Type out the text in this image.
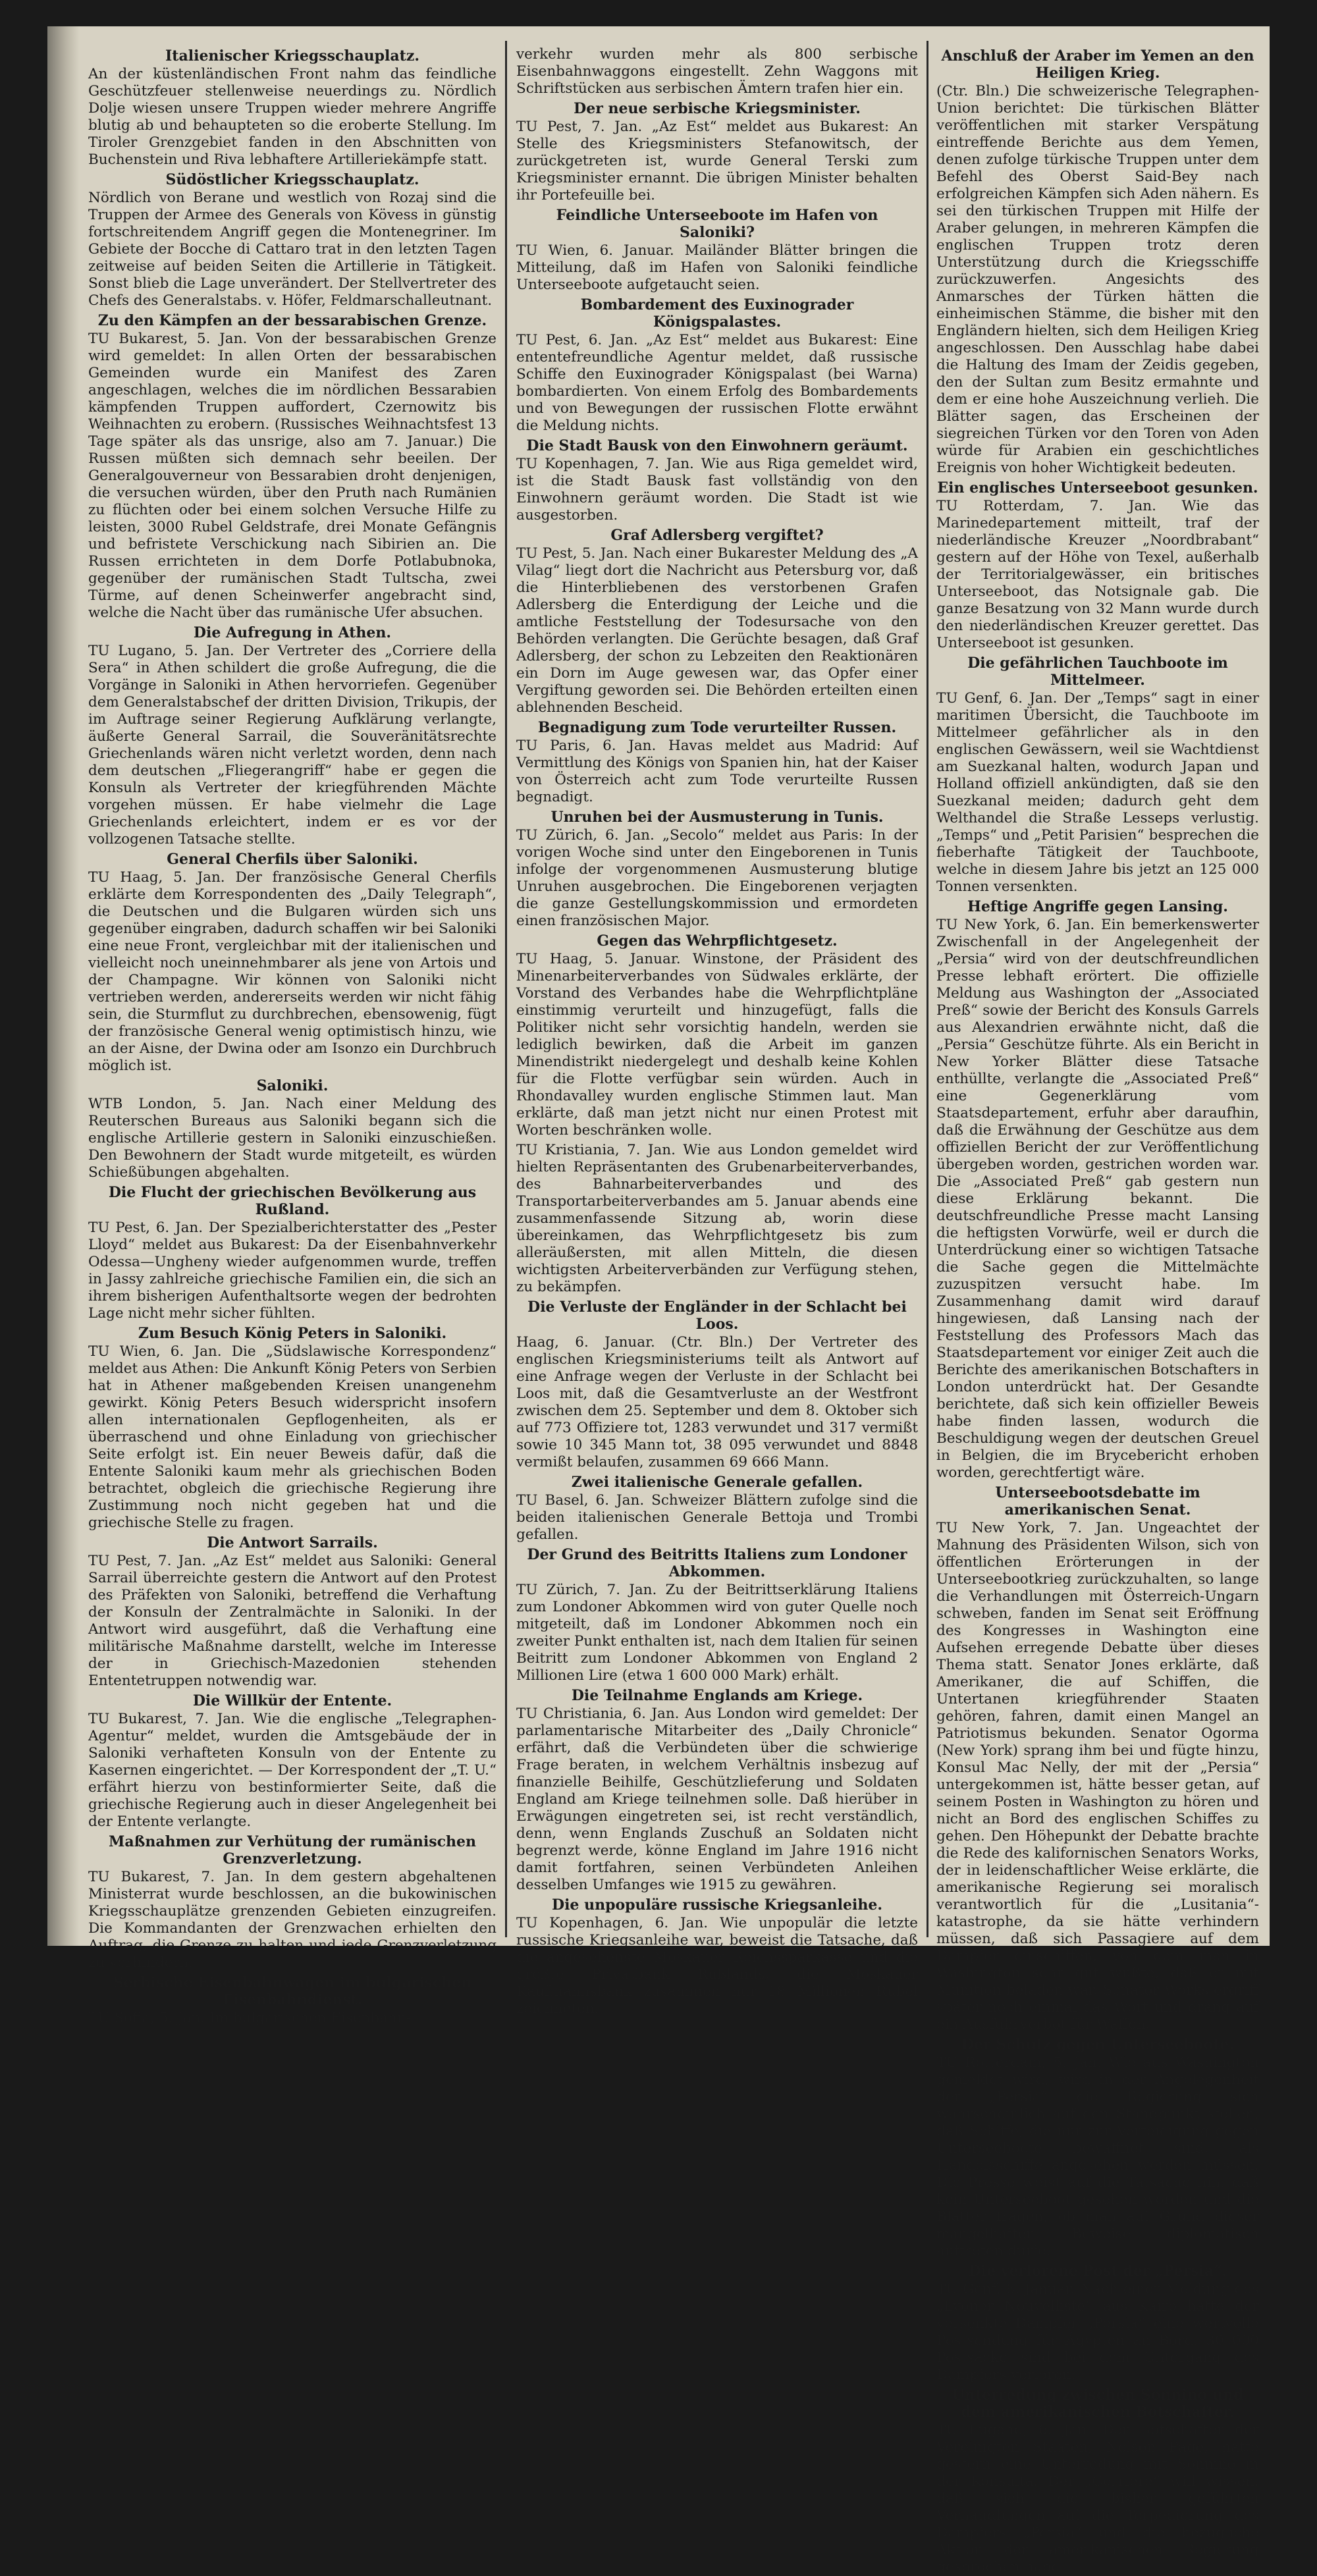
Italienischer Kriegsschauplatz.

An der küstenländischen Front nahm das feindliche Geschützfeuer stellenweise neuerdings zu. Nördlich Dolje wiesen unsere Truppen wieder mehrere Angriffe blutig ab und behaupteten so die eroberte Stellung. Im Tiroler Grenzgebiet fanden in den Abschnitten von Buchenstein und Riva lebhaftere Artilleriekämpfe statt.

Südöstlicher Kriegsschauplatz.

Nördlich von Berane und westlich von Rozaj sind die Truppen der Armee des Generals von Kövess in günstig fortschreitendem Angriff gegen die Montenegriner. Im Gebiete der Bocche di Cattaro trat in den letzten Tagen zeitweise auf beiden Seiten die Artillerie in Tätigkeit. Sonst blieb die Lage unverändert. Der Stellvertreter des Chefs des Generalstabs. v. Höfer, Feldmarschalleutnant.

Zu den Kämpfen an der bessarabischen Grenze.

TU Bukarest, 5. Jan. Von der bessarabischen Grenze wird gemeldet: In allen Orten der bessarabischen Gemeinden wurde ein Manifest des Zaren angeschlagen, welches die im nördlichen Bessarabien kämpfenden Truppen auffordert, Czernowitz bis Weihnachten zu erobern. (Russisches Weihnachtsfest 13 Tage später als das unsrige, also am 7. Januar.) Die Russen müßten sich demnach sehr beeilen. Der Generalgouverneur von Bessarabien droht denjenigen, die versuchen würden, über den Pruth nach Rumänien zu flüchten oder bei einem solchen Versuche Hilfe zu leisten, 3000 Rubel Geldstrafe, drei Monate Gefängnis und befristete Verschickung nach Sibirien an. Die Russen errichteten in dem Dorfe Potlabubnoka, gegenüber der rumänischen Stadt Tultscha, zwei Türme, auf denen Scheinwerfer angebracht sind, welche die Nacht über das rumänische Ufer absuchen.

Die Aufregung in Athen.

TU Lugano, 5. Jan. Der Vertreter des „Corriere della Sera“ in Athen schildert die große Aufregung, die die Vorgänge in Saloniki in Athen hervorriefen. Gegenüber dem Generalstabschef der dritten Division, Trikupis, der im Auftrage seiner Regierung Aufklärung verlangte, äußerte General Sarrail, die Souveränitätsrechte Griechenlands wären nicht verletzt worden, denn nach dem deutschen „Fliegerangriff“ habe er gegen die Konsuln als Vertreter der kriegführenden Mächte vorgehen müssen. Er habe vielmehr die Lage Griechenlands erleichtert, indem er es vor der vollzogenen Tatsache stellte.

General Cherfils über Saloniki.

TU Haag, 5. Jan. Der französische General Cherfils erklärte dem Korrespondenten des „Daily Telegraph“, die Deutschen und die Bulgaren würden sich uns gegenüber eingraben, dadurch schaffen wir bei Saloniki eine neue Front, vergleichbar mit der italienischen und vielleicht noch uneinnehmbarer als jene von Artois und der Champagne. Wir können von Saloniki nicht vertrieben werden, andererseits werden wir nicht fähig sein, die Sturmflut zu durchbrechen, ebensowenig, fügt der französische General wenig optimistisch hinzu, wie an der Aisne, der Dwina oder am Isonzo ein Durchbruch möglich ist.

Saloniki.

WTB London, 5. Jan. Nach einer Meldung des Reuterschen Bureaus aus Saloniki begann sich die englische Artillerie gestern in Saloniki einzuschießen. Den Bewohnern der Stadt wurde mitgeteilt, es würden Schießübungen abgehalten.

Die Flucht der griechischen Bevölkerung aus Rußland.

TU Pest, 6. Jan. Der Spezialberichterstatter des „Pester Lloyd“ meldet aus Bukarest: Da der Eisenbahnverkehr Odessa—Ungheny wieder aufgenommen wurde, treffen in Jassy zahlreiche griechische Familien ein, die sich an ihrem bisherigen Aufenthaltsorte wegen der bedrohten Lage nicht mehr sicher fühlten.

Zum Besuch König Peters in Saloniki.

TU Wien, 6. Jan. Die „Südslawische Korrespondenz“ meldet aus Athen: Die Ankunft König Peters von Serbien hat in Athener maßgebenden Kreisen unangenehm gewirkt. König Peters Besuch widerspricht insofern allen internationalen Gepflogenheiten, als er überraschend und ohne Einladung von griechischer Seite erfolgt ist. Ein neuer Beweis dafür, daß die Entente Saloniki kaum mehr als griechischen Boden betrachtet, obgleich die griechische Regierung ihre Zustimmung noch nicht gegeben hat und die griechische Stelle zu fragen.

Die Antwort Sarrails.

TU Pest, 7. Jan. „Az Est“ meldet aus Saloniki: General Sarrail überreichte gestern die Antwort auf den Protest des Präfekten von Saloniki, betreffend die Verhaftung der Konsuln der Zentralmächte in Saloniki. In der Antwort wird ausgeführt, daß die Verhaftung eine militärische Maßnahme darstellt, welche im Interesse der in Griechisch-Mazedonien stehenden Ententetruppen notwendig war.

Die Willkür der Entente.

TU Bukarest, 7. Jan. Wie die englische „Telegraphen-Agentur“ meldet, wurden die Amtsgebäude der in Saloniki verhafteten Konsuln von der Entente zu Kasernen eingerichtet. — Der Korrespondent der „T. U.“ erfährt hierzu von bestinformierter Seite, daß die griechische Regierung auch in dieser Angelegenheit bei der Entente verlangte.

Maßnahmen zur Verhütung der rumänischen Grenzverletzung.

TU Bukarest, 7. Jan. In dem gestern abgehaltenen Ministerrat wurde beschlossen, an die bukowinischen Kriegsschauplätze grenzenden Gebieten einzugreifen. Die Kommandanten der Grenzwachen erhielten den Auftrag, die Grenze zu halten und jede Grenzverletzung zu verhindern.

Serbische Eisenbahnwagen im bulgarischen Eisenbahndienst.

TU Sofia, 5. Jan. Im bulgarischen Eisenbahn-

verkehr wurden mehr als 800 serbische Eisenbahnwaggons eingestellt. Zehn Waggons mit Schriftstücken aus serbischen Ämtern trafen hier ein.

Der neue serbische Kriegsminister.

TU Pest, 7. Jan. „Az Est“ meldet aus Bukarest: An Stelle des Kriegsministers Stefanowitsch, der zurückgetreten ist, wurde General Terski zum Kriegsminister ernannt. Die übrigen Minister behalten ihr Portefeuille bei.

Feindliche Unterseeboote im Hafen von Saloniki?

TU Wien, 6. Januar. Mailänder Blätter bringen die Mitteilung, daß im Hafen von Saloniki feindliche Unterseeboote aufgetaucht seien.

Bombardement des Euxinograder Königspalastes.

TU Pest, 6. Jan. „Az Est“ meldet aus Bukarest: Eine ententefreundliche Agentur meldet, daß russische Schiffe den Euxinograder Königspalast (bei Warna) bombardierten. Von einem Erfolg des Bombardements und von Bewegungen der russischen Flotte erwähnt die Meldung nichts.

Die Stadt Bausk von den Einwohnern geräumt.

TU Kopenhagen, 7. Jan. Wie aus Riga gemeldet wird, ist die Stadt Bausk fast vollständig von den Einwohnern geräumt worden. Die Stadt ist wie ausgestorben.

Graf Adlersberg vergiftet?

TU Pest, 5. Jan. Nach einer Bukarester Meldung des „A Vilag“ liegt dort die Nachricht aus Petersburg vor, daß die Hinterbliebenen des verstorbenen Grafen Adlersberg die Enterdigung der Leiche und die amtliche Feststellung der Todesursache von den Behörden verlangten. Die Gerüchte besagen, daß Graf Adlersberg, der schon zu Lebzeiten den Reaktionären ein Dorn im Auge gewesen war, das Opfer einer Vergiftung geworden sei. Die Behörden erteilten einen ablehnenden Bescheid.

Begnadigung zum Tode verurteilter Russen.

TU Paris, 6. Jan. Havas meldet aus Madrid: Auf Vermittlung des Königs von Spanien hin, hat der Kaiser von Österreich acht zum Tode verurteilte Russen begnadigt.

Unruhen bei der Ausmusterung in Tunis.

TU Zürich, 6. Jan. „Secolo“ meldet aus Paris: In der vorigen Woche sind unter den Eingeborenen in Tunis infolge der vorgenommenen Ausmusterung blutige Unruhen ausgebrochen. Die Eingeborenen verjagten die ganze Gestellungskommission und ermordeten einen französischen Major.

Gegen das Wehrpflichtgesetz.

TU Haag, 5. Januar. Winstone, der Präsident des Minenarbeiterverbandes von Südwales erklärte, der Vorstand des Verbandes habe die Wehrpflichtpläne einstimmig verurteilt und hinzugefügt, falls die Politiker nicht sehr vorsichtig handeln, werden sie lediglich bewirken, daß die Arbeit im ganzen Minendistrikt niedergelegt und deshalb keine Kohlen für die Flotte verfügbar sein würden. Auch in Rhondavalley wurden englische Stimmen laut. Man erklärte, daß man jetzt nicht nur einen Protest mit Worten beschränken wolle.

TU Kristiania, 7. Jan. Wie aus London gemeldet wird hielten Repräsentanten des Grubenarbeiterverbandes, des Bahnarbeiterverbandes und des Transportarbeiterverbandes am 5. Januar abends eine zusammenfassende Sitzung ab, worin diese übereinkamen, das Wehrpflichtgesetz bis zum alleräußersten, mit allen Mitteln, die diesen wichtigsten Arbeiterverbänden zur Verfügung stehen, zu bekämpfen.

Die Verluste der Engländer in der Schlacht bei Loos.

Haag, 6. Januar. (Ctr. Bln.) Der Vertreter des englischen Kriegsministeriums teilt als Antwort auf eine Anfrage wegen der Verluste in der Schlacht bei Loos mit, daß die Gesamtverluste an der Westfront zwischen dem 25. September und dem 8. Oktober sich auf 773 Offiziere tot, 1283 verwundet und 317 vermißt sowie 10 345 Mann tot, 38 095 verwundet und 8848 vermißt belaufen, zusammen 69 666 Mann.

Zwei italienische Generale gefallen.

TU Basel, 6. Jan. Schweizer Blättern zufolge sind die beiden italienischen Generale Bettoja und Trombi gefallen.

Der Grund des Beitritts Italiens zum Londoner Abkommen.

TU Zürich, 7. Jan. Zu der Beitrittserklärung Italiens zum Londoner Abkommen wird von guter Quelle noch mitgeteilt, daß im Londoner Abkommen noch ein zweiter Punkt enthalten ist, nach dem Italien für seinen Beitritt zum Londoner Abkommen von England 2 Millionen Lire (etwa 1 600 000 Mark) erhält.

Die Teilnahme Englands am Kriege.

TU Christiania, 6. Jan. Aus London wird gemeldet: Der parlamentarische Mitarbeiter des „Daily Chronicle“ erfährt, daß die Verbündeten über die schwierige Frage beraten, in welchem Verhältnis insbezug auf finanzielle Beihilfe, Geschützlieferung und Soldaten England am Kriege teilnehmen solle. Daß hierüber in Erwägungen eingetreten sei, ist recht verständlich, denn, wenn Englands Zuschuß an Soldaten nicht begrenzt werde, könne England im Jahre 1916 nicht damit fortfahren, seinen Verbündeten Anleihen desselben Umfanges wie 1915 zu gewähren.

Die unpopuläre russische Kriegsanleihe.

TU Kopenhagen, 6. Jan. Wie unpopulär die letzte russische Kriegsanleihe war, beweist die Tatsache, daß die angesehenste Moskauer Reichssparkasse und die größte Privatbank Rußlands, die Moskauer Kaufmannsbank zusammen nur 18 Millionen Rubel zeichneten.

Anschluß der Araber im Yemen an den Heiligen Krieg.

(Ctr. Bln.) Die schweizerische Telegraphen-Union berichtet: Die türkischen Blätter veröffentlichen mit starker Verspätung eintreffende Berichte aus dem Yemen, denen zufolge türkische Truppen unter dem Befehl des Oberst Said-Bey nach erfolgreichen Kämpfen sich Aden nähern. Es sei den türkischen Truppen mit Hilfe der Araber gelungen, in mehreren Kämpfen die englischen Truppen trotz deren Unterstützung durch die Kriegsschiffe zurückzuwerfen. Angesichts des Anmarsches der Türken hätten die einheimischen Stämme, die bisher mit den Engländern hielten, sich dem Heiligen Krieg angeschlossen. Den Ausschlag habe dabei die Haltung des Imam der Zeidis gegeben, den der Sultan zum Besitz ermahnte und dem er eine hohe Auszeichnung verlieh. Die Blätter sagen, das Erscheinen der siegreichen Türken vor den Toren von Aden würde für Arabien ein geschichtliches Ereignis von hoher Wichtigkeit bedeuten.

Ein englisches Unterseeboot gesunken.

TU Rotterdam, 7. Jan. Wie das Marinedepartement mitteilt, traf der niederländische Kreuzer „Noordbrabant“ gestern auf der Höhe von Texel, außerhalb der Territorialgewässer, ein britisches Unterseeboot, das Notsignale gab. Die ganze Besatzung von 32 Mann wurde durch den niederländischen Kreuzer gerettet. Das Unterseeboot ist gesunken.

Die gefährlichen Tauchboote im Mittelmeer.

TU Genf, 6. Jan. Der „Temps“ sagt in einer maritimen Übersicht, die Tauchboote im Mittelmeer gefährlicher als in den englischen Gewässern, weil sie Wachtdienst am Suezkanal halten, wodurch Japan und Holland offiziell ankündigten, daß sie den Suezkanal meiden; dadurch geht dem Welthandel die Straße Lesseps verlustig. „Temps“ und „Petit Parisien“ besprechen die fieberhafte Tätigkeit der Tauchboote, welche in diesem Jahre bis jetzt an 125 000 Tonnen versenkten.

Heftige Angriffe gegen Lansing.

TU New York, 6. Jan. Ein bemerkenswerter Zwischenfall in der Angelegenheit der „Persia“ wird von der deutschfreundlichen Presse lebhaft erörtert. Die offizielle Meldung aus Washington der „Associated Preß“ sowie der Bericht des Konsuls Garrels aus Alexandrien erwähnte nicht, daß die „Persia“ Geschütze führte. Als ein Bericht in New Yorker Blätter diese Tatsache enthüllte, verlangte die „Associated Preß“ eine Gegenerklärung vom Staatsdepartement, erfuhr aber daraufhin, daß die Erwähnung der Geschütze aus dem offiziellen Bericht der zur Veröffentlichung übergeben worden, gestrichen worden war. Die „Associated Preß“ gab gestern nun diese Erklärung bekannt. Die deutschfreundliche Presse macht Lansing die heftigsten Vorwürfe, weil er durch die Unterdrückung einer so wichtigen Tatsache die Sache gegen die Mittelmächte zuzuspitzen versucht habe. Im Zusammenhang damit wird darauf hingewiesen, daß Lansing nach der Feststellung des Professors Mach das Staatsdepartement vor einiger Zeit auch die Berichte des amerikanischen Botschafters in London unterdrückt hat. Der Gesandte berichtete, daß sich kein offizieller Beweis habe finden lassen, wodurch die Beschuldigung wegen der deutschen Greuel in Belgien, die im Brycebericht erhoben worden, gerechtfertigt wäre.

Unterseebootsdebatte im amerikanischen Senat.

TU New York, 7. Jan. Ungeachtet der Mahnung des Präsidenten Wilson, sich von öffentlichen Erörterungen in der Unterseebootkrieg zurückzuhalten, so lange die Verhandlungen mit Österreich-Ungarn schweben, fanden im Senat seit Eröffnung des Kongresses in Washington eine Aufsehen erregende Debatte über dieses Thema statt. Senator Jones erklärte, daß Amerikaner, die auf Schiffen, die Untertanen kriegführender Staaten gehören, fahren, damit einen Mangel an Patriotismus bekunden. Senator Ogorma (New York) sprang ihm bei und fügte hinzu, Konsul Mac Nelly, der mit der „Persia“ untergekommen ist, hätte besser getan, auf seinem Posten in Washington zu hören und nicht an Bord des englischen Schiffes zu gehen. Den Höhepunkt der Debatte brachte die Rede des kalifornischen Senators Works, der in leidenschaftlicher Weise erklärte, die amerikanische Regierung sei moralisch verantwortlich für die „Lusitania“-katastrophe, da sie hätte verhindern müssen, daß sich Passagiere auf dem Dampfer einschiffen, von dem man in Washington sehr gut wußte, daß er mit Munition beladen war. Senator Works ergriff später noch einmal das Wort und drang auf ein Ausfuhrverbot für Waffen.

Der Schutz gegen Unterseeboote.

TU Rotterdam, 5. Jan. Wie aus Washington gemeldet wird, wird in der Angelegenheit der „Persia“ die Regierung sich wahrscheinlich auf den Standpunkt stellen, daß Schiffe, die nur zur Verteidigung gegen Unterseeboote bewaffnet sind, als Handelsschiffe angesehen werden müssen. Die Presse weist auf die Tatsache hin, daß kein Unterseeboot gesehen worden und die Blätter fragen, ob man auf Grund dieser mangelhaften Beweise diplomatisch auftreten dürfe.

Die verlorene Post der „Persia“.

TU Genf, 6. Januar. Nach einer Meldung des „Lyoner Nouvelliste“ aus Kairo hatte der versenkte Dampfer „Persia“ eine wertvolle Postsendung für Ägypten an Bord. 30 000 Postsäcke sind bei dem Untergang des Dampfers verloren.

Unterredung zwischen Sonnino und dem amerikanischen Botschafter.

TU Lugano, 6. Jan. Der Botschafter der Vereinigten Staaten, Nelson Page, hatte gestern eine Unterredung mit Sonnino in der Konsulta. Der „Corriere“ will wissen, daß sich die bisher geführten Verhandlungen auf die Torpedierung des Dampfers „Persia“ und die bezügliche Aktion der amerikanischen Regierung gesprochen habe.
